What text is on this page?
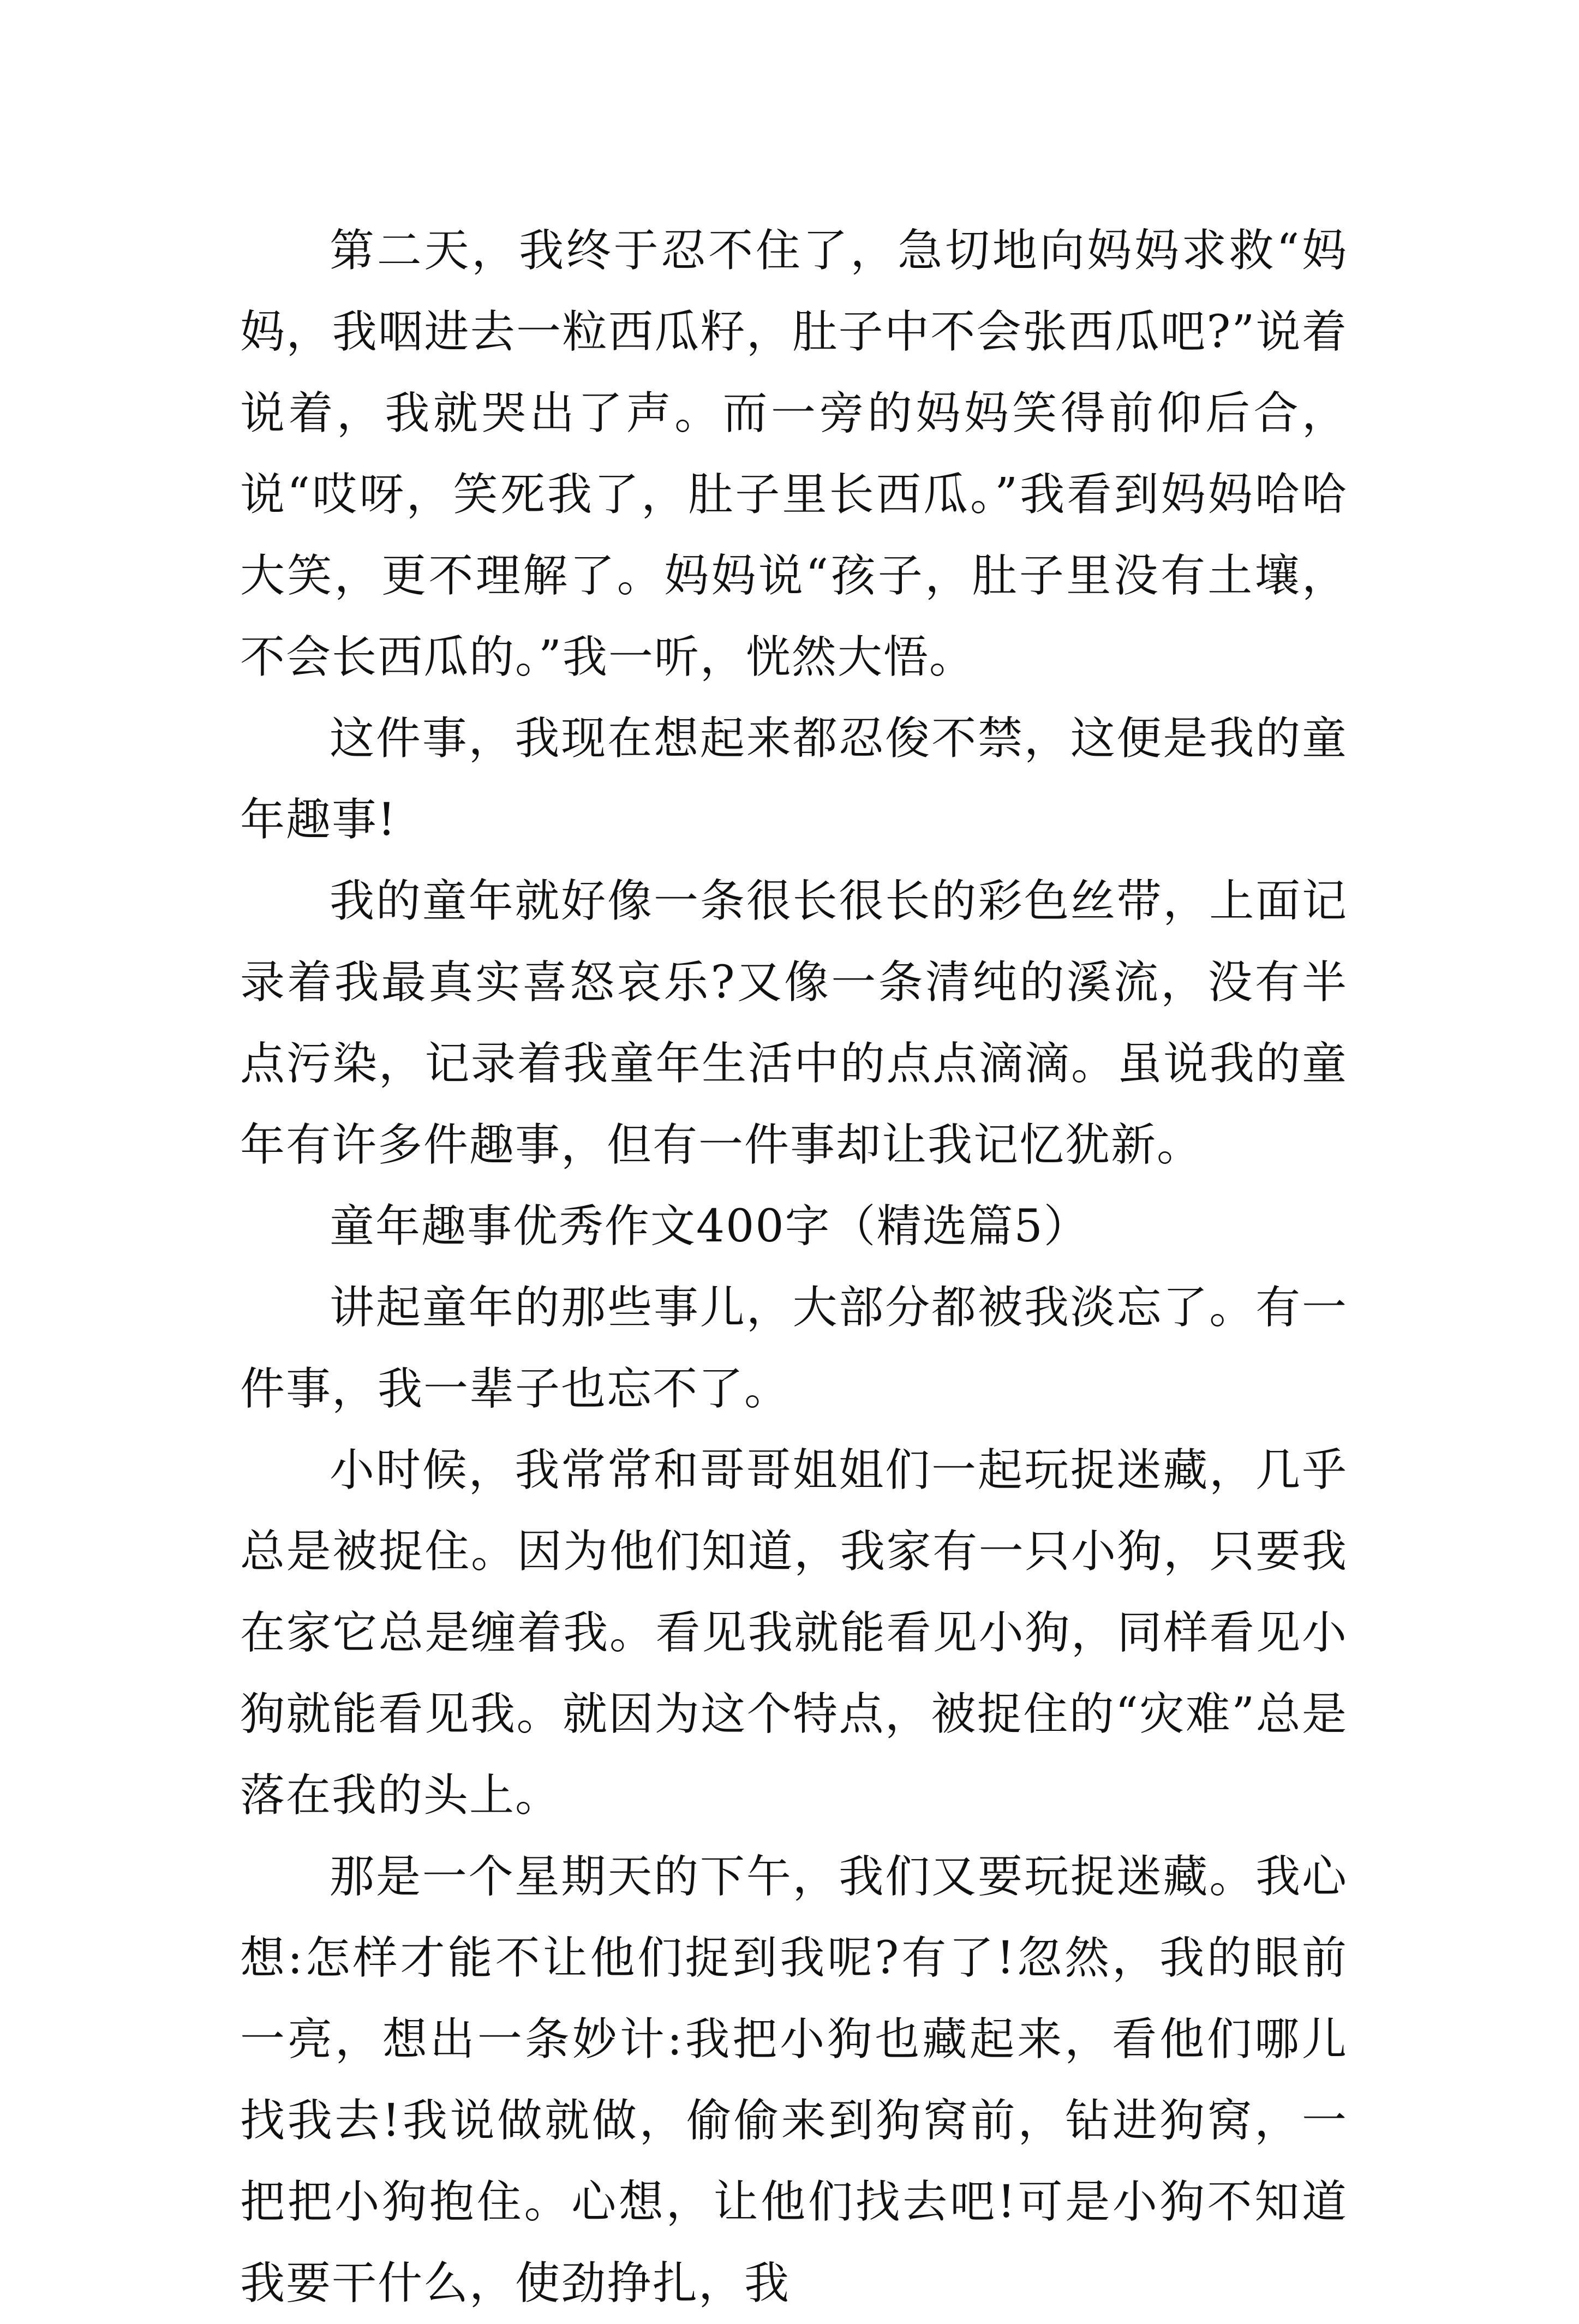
第二天，我终于忍不住了，急切地向妈妈求救“妈妈，我咽进去一粒西瓜籽，肚子中不会张西瓜吧?”说着说着，我就哭出了声。而一旁的妈妈笑得前仰后合，说“哎呀，笑死我了，肚子里长西瓜。”我看到妈妈哈哈大笑，更不理解了。妈妈说“孩子，肚子里没有土壤，不会长西瓜的。”我一听，恍然大悟。

这件事，我现在想起来都忍俊不禁，这便是我的童年趣事!

我的童年就好像一条很长很长的彩色丝带，上面记录着我最真实喜怒哀乐?又像一条清纯的溪流，没有半点污染，记录着我童年生活中的点点滴滴。虽说我的童年有许多件趣事，但有一件事却让我记忆犹新。

童年趣事优秀作文400字（精选篇5）

讲起童年的那些事儿，大部分都被我淡忘了。有一件事，我一辈子也忘不了。

小时候，我常常和哥哥姐姐们一起玩捉迷藏，几乎总是被捉住。因为他们知道，我家有一只小狗，只要我在家它总是缠着我。看见我就能看见小狗，同样看见小狗就能看见我。就因为这个特点，被捉住的“灾难”总是落在我的头上。

那是一个星期天的下午，我们又要玩捉迷藏。我心想:怎样才能不让他们捉到我呢?有了!忽然，我的眼前一亮，想出一条妙计:我把小狗也藏起来，看他们哪儿找我去!我说做就做，偷偷来到狗窝前，钻进狗窝，一把把小狗抱住。心想，让他们找去吧!可是小狗不知道我要干什么，使劲挣扎，我
